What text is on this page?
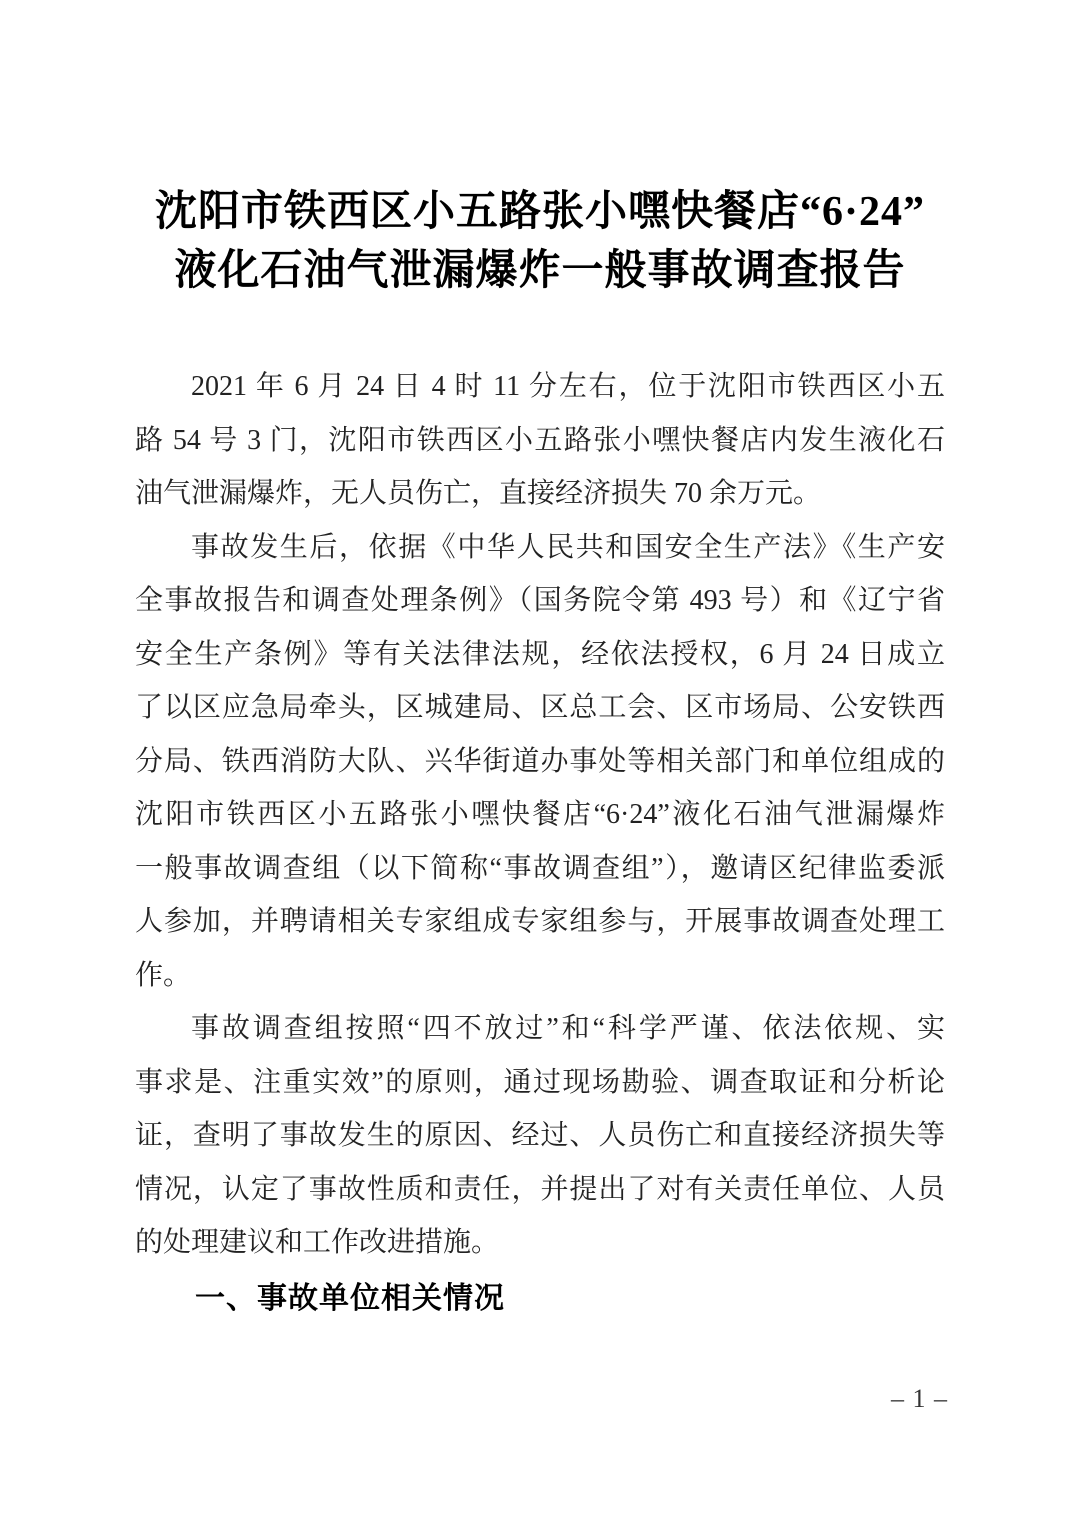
沈阳市铁西区小五路张小嘿快餐店“6·24”
液化石油气泄漏爆炸一般事故调查报告
2021 年 6 月 24 日 4 时 11 分左右，位于沈阳市铁西区小五
路 54 号 3 门，沈阳市铁西区小五路张小嘿快餐店内发生液化石
油气泄漏爆炸，无人员伤亡，直接经济损失 70 余万元。
事故发生后，依据《中华人民共和国安全生产法》《生产安
全事故报告和调查处理条例》（国务院令第 493 号）和《辽宁省
安全生产条例》等有关法律法规，经依法授权，6 月 24 日成立
了以区应急局牵头，区城建局、区总工会、区市场局、公安铁西
分局、铁西消防大队、兴华街道办事处等相关部门和单位组成的
沈阳市铁西区小五路张小嘿快餐店“6·24”液化石油气泄漏爆炸
一般事故调查组（以下简称“事故调查组”），邀请区纪律监委派
人参加，并聘请相关专家组成专家组参与，开展事故调查处理工
作。
事故调查组按照“四不放过”和“科学严谨、依法依规、实
事求是、注重实效”的原则，通过现场勘验、调查取证和分析论
证，查明了事故发生的原因、经过、人员伤亡和直接经济损失等
情况，认定了事故性质和责任，并提出了对有关责任单位、人员
的处理建议和工作改进措施。
一、事故单位相关情况
– 1 –
